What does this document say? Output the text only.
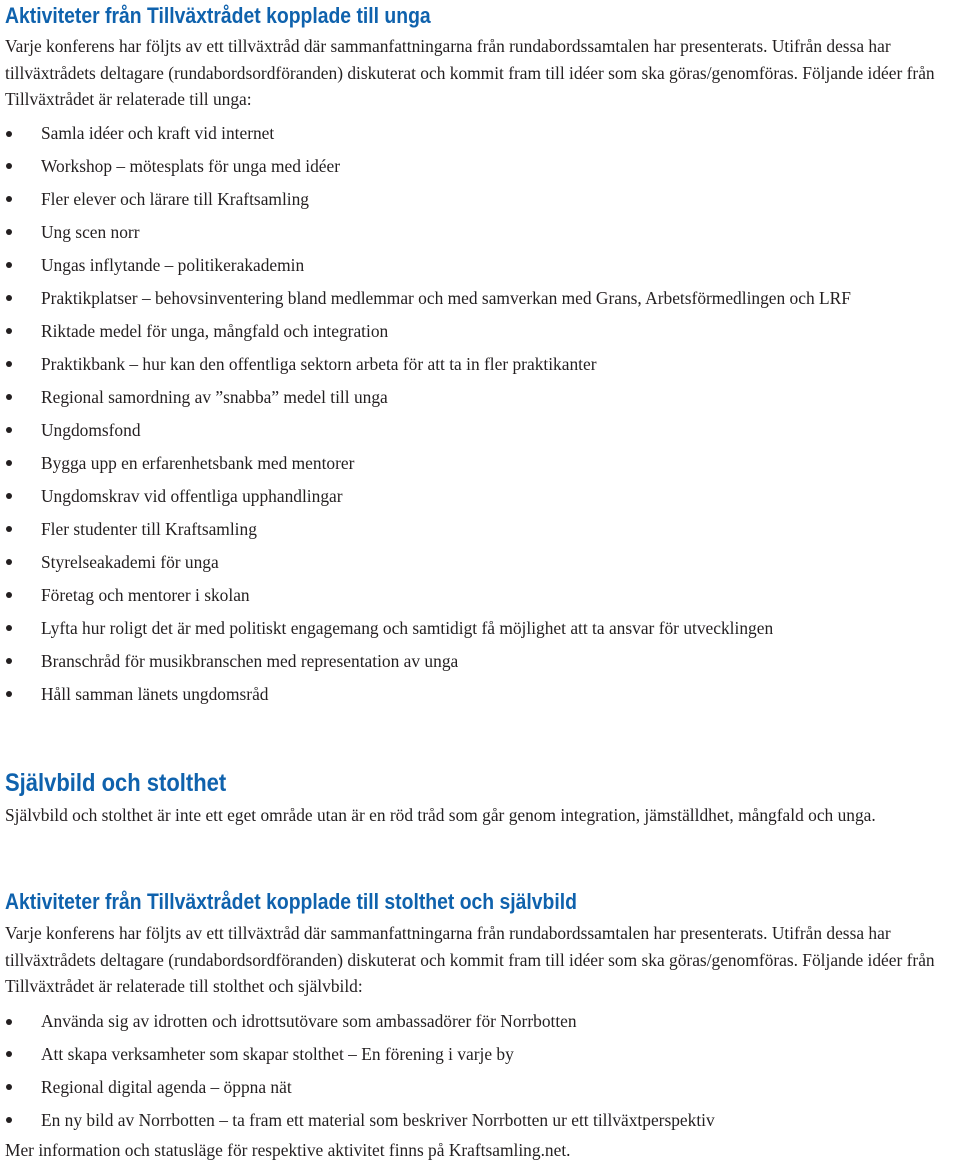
Aktiviteter från Tillväxtrådet kopplade till unga

Varje konferens har följts av ett tillväxtråd där sammanfattningarna från rundabordssamtalen har presenterats. Utifrån dessa har tillväxtrådets deltagare (rundabordsordföranden) diskuterat och kommit fram till idéer som ska göras/genomföras. Följande idéer från Tillväxtrådet är relaterade till unga:

Samla idéer och kraft vid internet
Workshop – mötesplats för unga med idéer
Fler elever och lärare till Kraftsamling
Ung scen norr
Ungas inflytande – politikerakademin
Praktikplatser – behovsinventering bland medlemmar och med samverkan med Grans, Arbetsförmedlingen och LRF
Riktade medel för unga, mångfald och integration
Praktikbank – hur kan den offentliga sektorn arbeta för att ta in fler praktikanter
Regional samordning av ”snabba” medel till unga
Ungdomsfond
Bygga upp en erfarenhetsbank med mentorer
Ungdomskrav vid offentliga upphandlingar
Fler studenter till Kraftsamling
Styrelseakademi för unga
Företag och mentorer i skolan
Lyfta hur roligt det är med politiskt engagemang och samtidigt få möjlighet att ta ansvar för utvecklingen
Branschråd för musikbranschen med representation av unga
Håll samman länets ungdomsråd
Självbild och stolthet

Självbild och stolthet är inte ett eget område utan är en röd tråd som går genom integration, jämställdhet, mångfald och unga.

Aktiviteter från Tillväxtrådet kopplade till stolthet och självbild

Varje konferens har följts av ett tillväxtråd där sammanfattningarna från rundabordssamtalen har presenterats. Utifrån dessa har tillväxtrådets deltagare (rundabordsordföranden) diskuterat och kommit fram till idéer som ska göras/genomföras. Följande idéer från Tillväxtrådet är relaterade till stolthet och självbild:

Använda sig av idrotten och idrottsutövare som ambassadörer för Norrbotten
Att skapa verksamheter som skapar stolthet – En förening i varje by
Regional digital agenda – öppna nät
En ny bild av Norrbotten – ta fram ett material som beskriver Norrbotten ur ett tillväxtperspektiv

Mer information och statusläge för respektive aktivitet finns på Kraftsamling.net.
